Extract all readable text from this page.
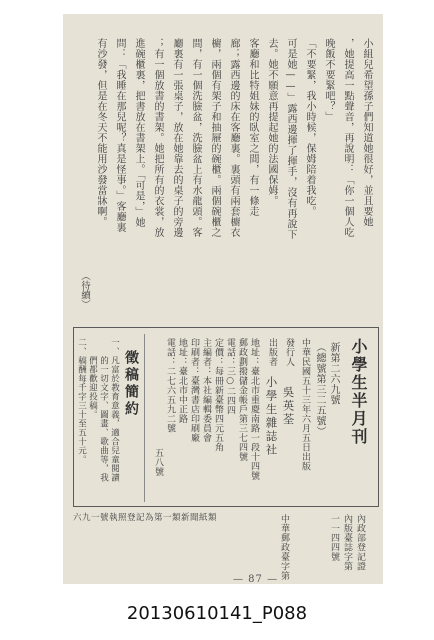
小組兒希望孫子們知道她很好，並且要她
，她提高一點聲音，再說明：「你一個人吃
晚飯不要緊吧？」
「不要緊，我小時候，保姆陪着我吃。
可是她——」露西邊揮了揮手，沒有再說下
去。她不願意再提起她的法國保姆。
客廳和比特姐妹的臥室之間，有一條走
廊；露西邊的床在客廳裏。裏頭有兩套櫥衣
櫥，兩個有架子和抽屜的碗櫃。兩個碗櫃之
間，有一個洗臉盆，洗臉盆上有水龍頭。客
廳裏有一張桌子，放在她靠去的桌子的旁邊
；有一個放書的書架。她把所有的衣裳，放
進碗櫃裏，把書放在書架上。「可是，」她
問：「我睡在那兒呢？真是怪事。」客廳裏
有沙發，但是在冬天不能用沙發當牀啊。
（待續）
小學生半月刊
新第二六九號
（總號第三二五號）
中華民國五十三年六月五日出版
發行人
吳英荃
出版者
小學生雜誌社
地址：臺北市重慶南路一段十四號
郵政劃撥儲金帳戶第三七四號
電話：三○二四四
定價：每冊新臺幣四元五角
主編者：本社編輯委員會
印刷者：臺灣書店印刷廠
地址：臺北市中正路
電話：二七六五九二號
五八號
徵稿簡約
一、凡富於教育意義，適合兒童閱讀
　　的一切文字、圖畫、歌曲等，我
　　們都歡迎投稿。
二、稿酬每千字三十至五十元。
內政部登記證
內版臺誌字第
一一四四號
中華郵政臺字第
六九一號執照登記為第一類新聞紙類
— 87 —
20130610141_P088
